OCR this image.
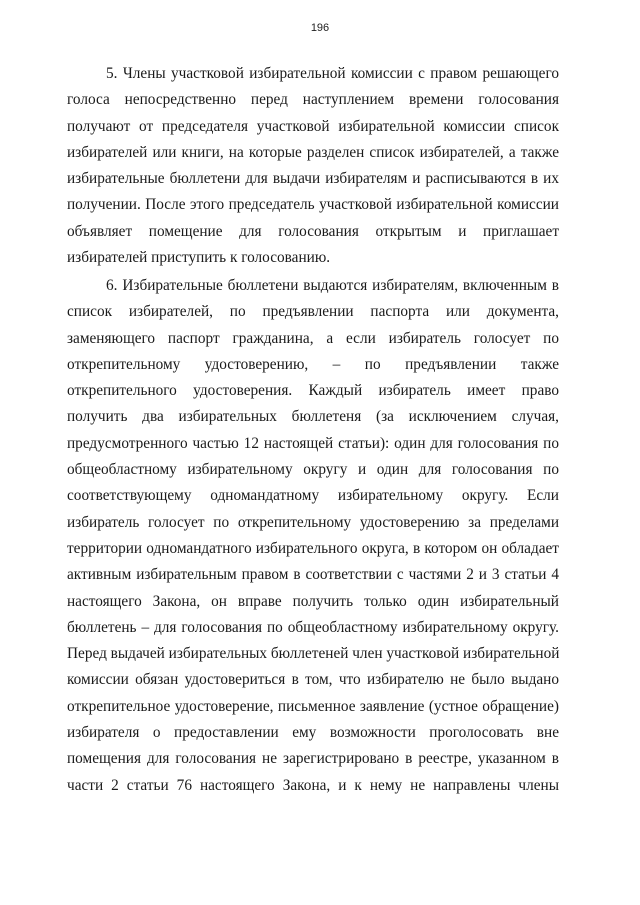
196
5. Члены участковой избирательной комиссии с правом решающего
голоса непосредственно перед наступлением времени голосования
получают от председателя участковой избирательной комиссии список
избирателей или книги, на которые разделен список избирателей, а также
избирательные бюллетени для выдачи избирателям и расписываются в их
получении. После этого председатель участковой избирательной комиссии
объявляет помещение для голосования открытым и приглашает
избирателей приступить к голосованию.
6. Избирательные бюллетени выдаются избирателям, включенным в
список избирателей, по предъявлении паспорта или документа,
заменяющего паспорт гражданина, а если избиратель голосует по
открепительному удостоверению, – по предъявлении также
открепительного удостоверения. Каждый избиратель имеет право
получить два избирательных бюллетеня (за исключением случая,
предусмотренного частью 12 настоящей статьи): один для голосования по
общеобластному избирательному округу и один для голосования по
соответствующему одномандатному избирательному округу. Если
избиратель голосует по открепительному удостоверению за пределами
территории одномандатного избирательного округа, в котором он обладает
активным избирательным правом в соответствии с частями 2 и 3 статьи 4
настоящего Закона, он вправе получить только один избирательный
бюллетень – для голосования по общеобластному избирательному округу.
Перед выдачей избирательных бюллетеней член участковой избирательной
комиссии обязан удостовериться в том, что избирателю не было выдано
открепительное удостоверение, письменное заявление (устное обращение)
избирателя о предоставлении ему возможности проголосовать вне
помещения для голосования не зарегистрировано в реестре, указанном в
части 2 статьи 76 настоящего Закона, и к нему не направлены члены
